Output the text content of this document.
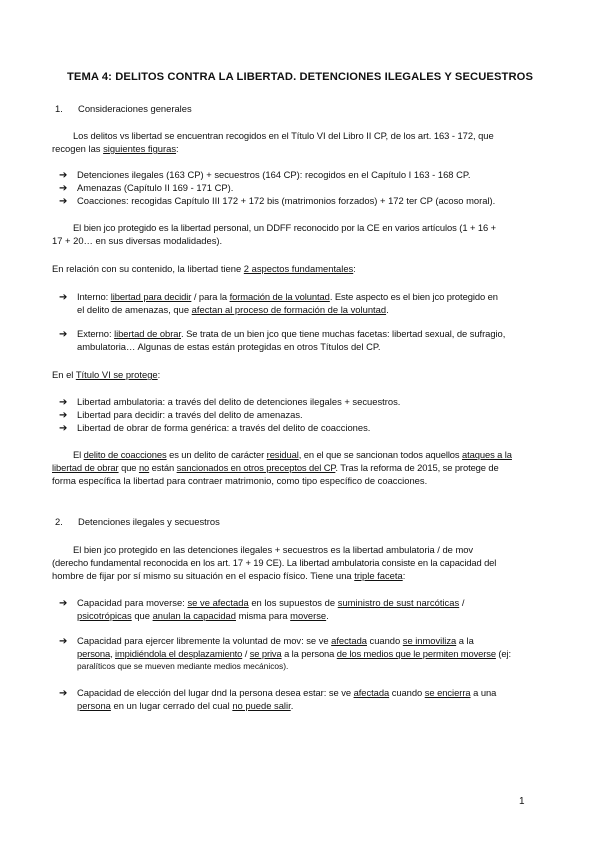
TEMA 4: DELITOS CONTRA LA LIBERTAD. DETENCIONES ILEGALES Y SECUESTROS
1. Consideraciones generales
Los delitos vs libertad se encuentran recogidos en el Título VI del Libro II CP, de los art. 163 - 172, que
recogen las siguientes figuras:
➔ Detenciones ilegales (163 CP) + secuestros (164 CP): recogidos en el Capítulo I 163 - 168 CP.
➔ Amenazas (Capítulo II 169 - 171 CP).
➔ Coacciones: recogidas Capítulo III 172 + 172 bis (matrimonios forzados) + 172 ter CP (acoso moral).
El bien jco protegido es la libertad personal, un DDFF reconocido por la CE en varios artículos (1 + 16 +
17 + 20… en sus diversas modalidades).
En relación con su contenido, la libertad tiene 2 aspectos fundamentales:
➔ Interno: libertad para decidir / para la formación de la voluntad. Este aspecto es el bien jco protegido en
el delito de amenazas, que afectan al proceso de formación de la voluntad.
➔ Externo: libertad de obrar. Se trata de un bien jco que tiene muchas facetas: libertad sexual, de sufragio,
ambulatoria… Algunas de estas están protegidas en otros Títulos del CP.
En el Título VI se protege:
➔ Libertad ambulatoria: a través del delito de detenciones ilegales + secuestros.
➔ Libertad para decidir: a través del delito de amenazas.
➔ Libertad de obrar de forma genérica: a través del delito de coacciones.
El delito de coacciones es un delito de carácter residual, en el que se sancionan todos aquellos ataques a la
libertad de obrar que no están sancionados en otros preceptos del CP. Tras la reforma de 2015, se protege de
forma específica la libertad para contraer matrimonio, como tipo específico de coacciones.
2. Detenciones ilegales y secuestros
El bien jco protegido en las detenciones ilegales + secuestros es la libertad ambulatoria / de mov
(derecho fundamental reconocida en los art. 17 + 19 CE). La libertad ambulatoria consiste en la capacidad del
hombre de fijar por sí mismo su situación en el espacio físico. Tiene una triple faceta:
➔ Capacidad para moverse: se ve afectada en los supuestos de suministro de sust narcóticas /
psicotrópicas que anulan la capacidad misma para moverse.
➔ Capacidad para ejercer libremente la voluntad de mov: se ve afectada cuando se inmoviliza a la
persona, impidiéndola el desplazamiento / se priva a la persona de los medios que le permiten moverse (ej:
paralíticos que se mueven mediante medios mecánicos).
➔ Capacidad de elección del lugar dnd la persona desea estar: se ve afectada cuando se encierra a una
persona en un lugar cerrado del cual no puede salir.
1
